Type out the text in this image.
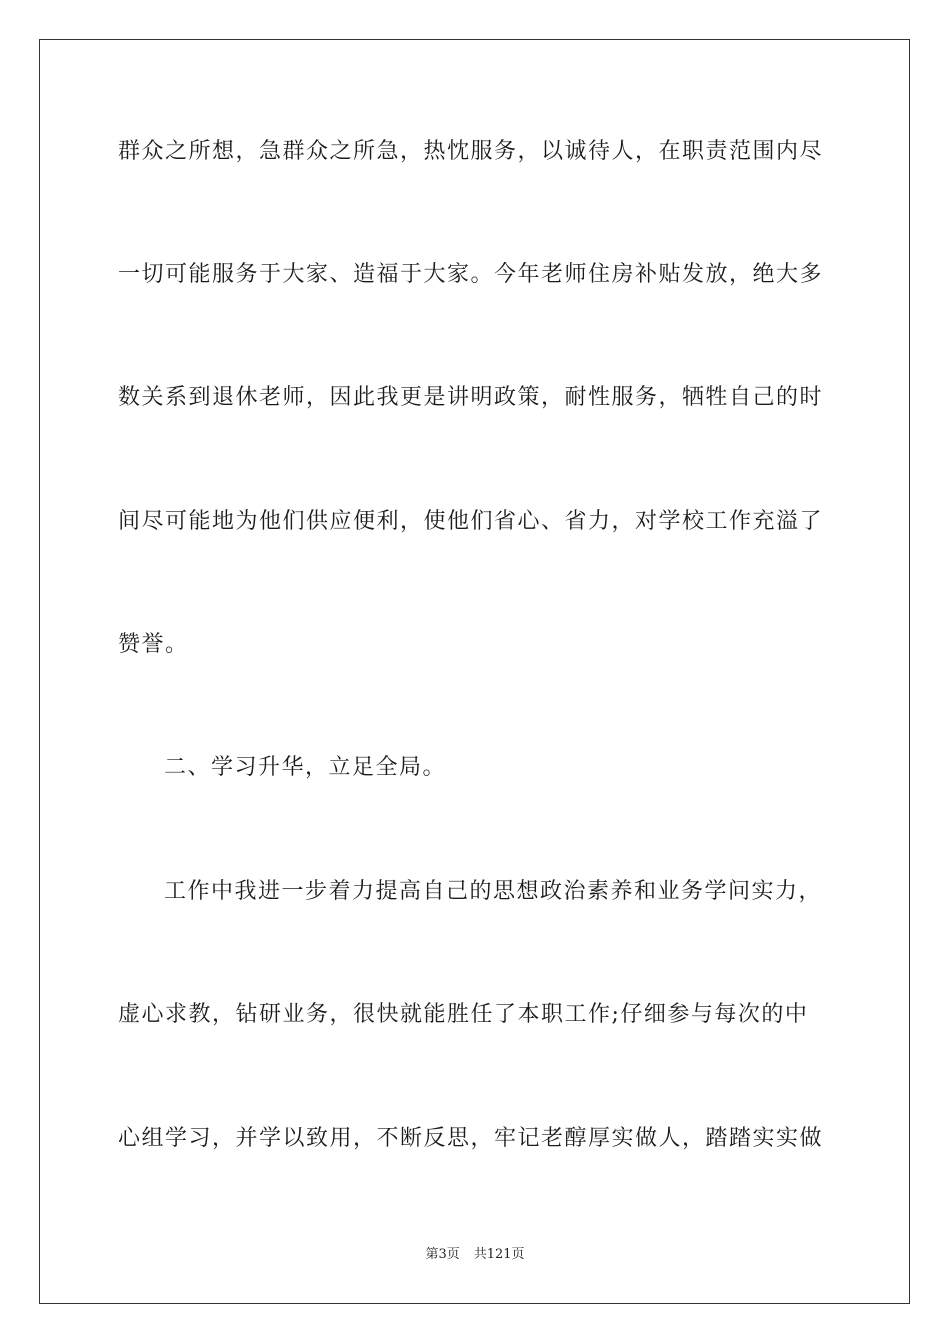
群众之所想，急群众之所急，热忱服务，以诚待人，在职责范围内尽
一切可能服务于大家、造福于大家。今年老师住房补贴发放，绝大多
数关系到退休老师，因此我更是讲明政策，耐性服务，牺牲自己的时
间尽可能地为他们供应便利，使他们省心、省力，对学校工作充溢了
赞誉。
二、学习升华，立足全局。
工作中我进一步着力提高自己的思想政治素养和业务学问实力，
虚心求教，钻研业务，很快就能胜任了本职工作;仔细参与每次的中
心组学习，并学以致用，不断反思，牢记老醇厚实做人，踏踏实实做
第3页 共121页
